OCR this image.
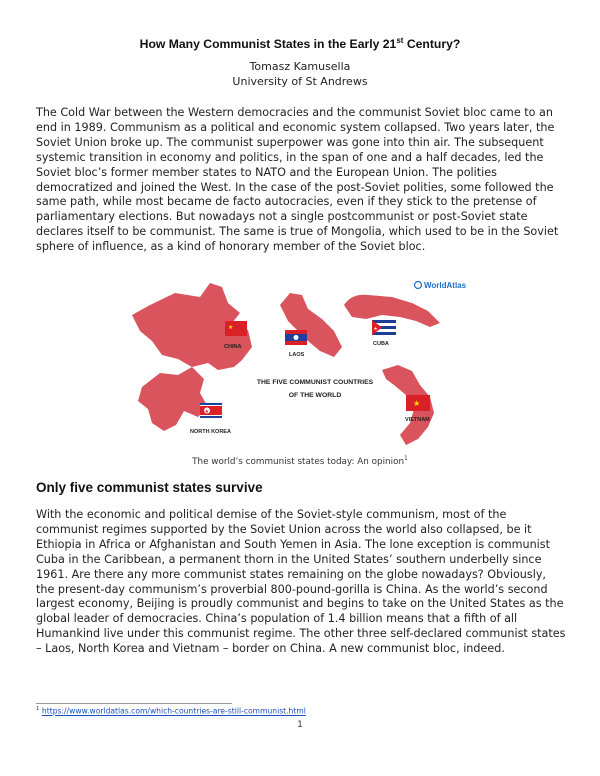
How Many Communist States in the Early 21st Century?
Tomasz Kamusella
University of St Andrews

The Cold War between the Western democracies and the communist Soviet bloc came to an end in 1989. Communism as a political and economic system collapsed. Two years later, the Soviet Union broke up. The communist superpower was gone into thin air. The subsequent systemic transition in economy and politics, in the span of one and a half decades, led the Soviet bloc’s former member states to NATO and the European Union. The polities democratized and joined the West. In the case of the post-Soviet polities, some followed the same path, while most became de facto autocracies, even if they stick to the pretense of parliamentary elections. But nowadays not a single postcommunist or post-Soviet state declares itself to be communist. The same is true of Mongolia, which used to be in the Soviet sphere of influence, as a kind of honorary member of the Soviet bloc.

WorldAtlas
★
CHINA
LAOS
★
CUBA
THE FIVE COMMUNIST COUNTRIES
OF THE WORLD
★
NORTH KOREA
★
VIETNAM
The world’s communist states today: An opinion$^1$
Only five communist states survive

With the economic and political demise of the Soviet-style communism, most of the communist regimes supported by the Soviet Union across the world also collapsed, be it Ethiopia in Africa or Afghanistan and South Yemen in Asia. The lone exception is communist Cuba in the Caribbean, a permanent thorn in the United States’ southern underbelly since 1961. Are there any more communist states remaining on the globe nowadays? Obviously, the present-day communism’s proverbial 800-pound-gorilla is China. As the world’s second largest economy, Beijing is proudly communist and begins to take on the United States as the global leader of democracies. China’s population of 1.4 billion means that a fifth of all Humankind live under this communist regime. The other three self-declared communist states – Laos, North Korea and Vietnam – border on China. A new communist bloc, indeed.

$^1$ https://www.worldatlas.com/which-countries-are-still-communist.html
1
